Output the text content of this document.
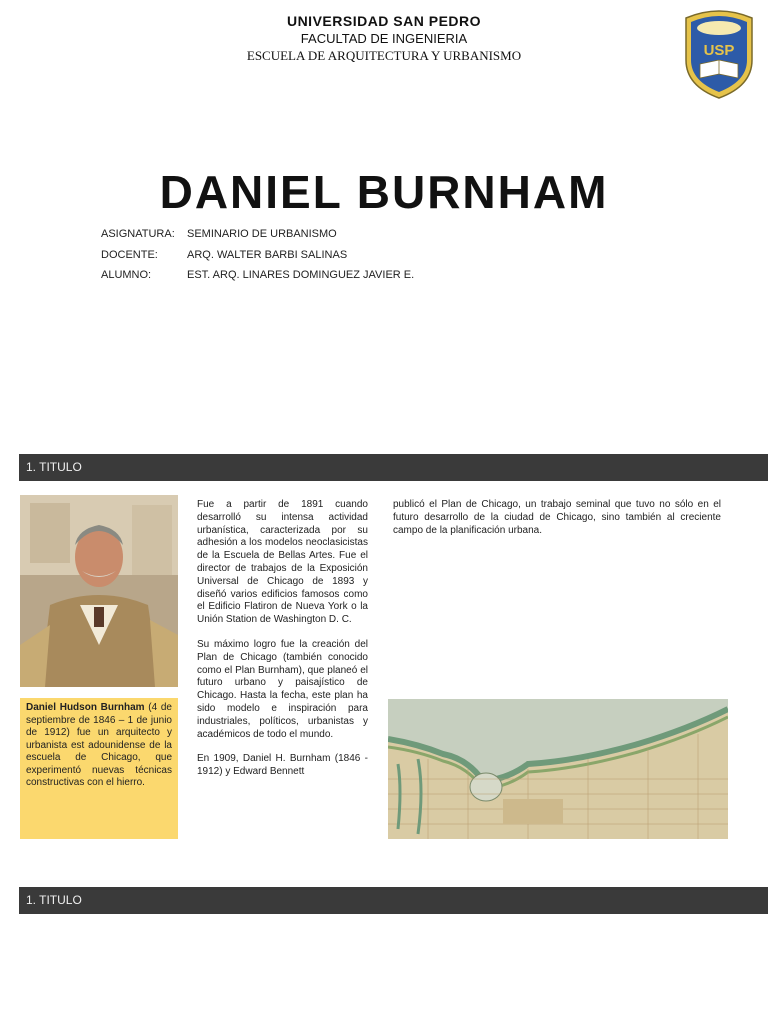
UNIVERSIDAD SAN PEDRO
FACULTAD DE INGENIERIA
ESCUELA DE ARQUITECTURA Y URBANISMO	USP
DANIEL BURNHAM
ASIGNATURA: SEMINARIO DE URBANISMO
DOCENTE:	ARQ. WALTER BARBI SALINAS
ALUMNO:	EST. ARQ. LINARES DOMINGUEZ JAVIER E.
1. TITULO
Daniel Hudson Burnham (4 de septiembre de 1846 – 1 de junio de 1912) fue un arquitecto y urbanista est adounidense de la escuela de Chicago, que experimentó nuevas técnicas constructivas con el hierro.

Fue a partir de 1891 cuando desarrolló su intensa actividad urbanística, caracterizada por su adhesión a los modelos neoclasicistas de la Escuela de Bellas Artes. Fue el director de trabajos de la Exposición Universal de Chicago de 1893 y diseñó varios edificios famosos como el Edificio Flatiron de Nueva York o la Unión Station de Washington D. C.

Su máximo logro fue la creación del Plan de Chicago (también conocido como el Plan Burnham), que planeó el futuro urbano y paisajístico de Chicago. Hasta la fecha, este plan ha sido modelo e inspiración para industriales, políticos, urbanistas y académicos de todo el mundo.

En 1909, Daniel H. Burnham (1846 - 1912) y Edward Bennett

publicó el Plan de Chicago, un trabajo seminal que tuvo no sólo en el futuro desarrollo de la ciudad de Chicago, sino también al creciente campo de la planificación urbana.

1. TITULO
